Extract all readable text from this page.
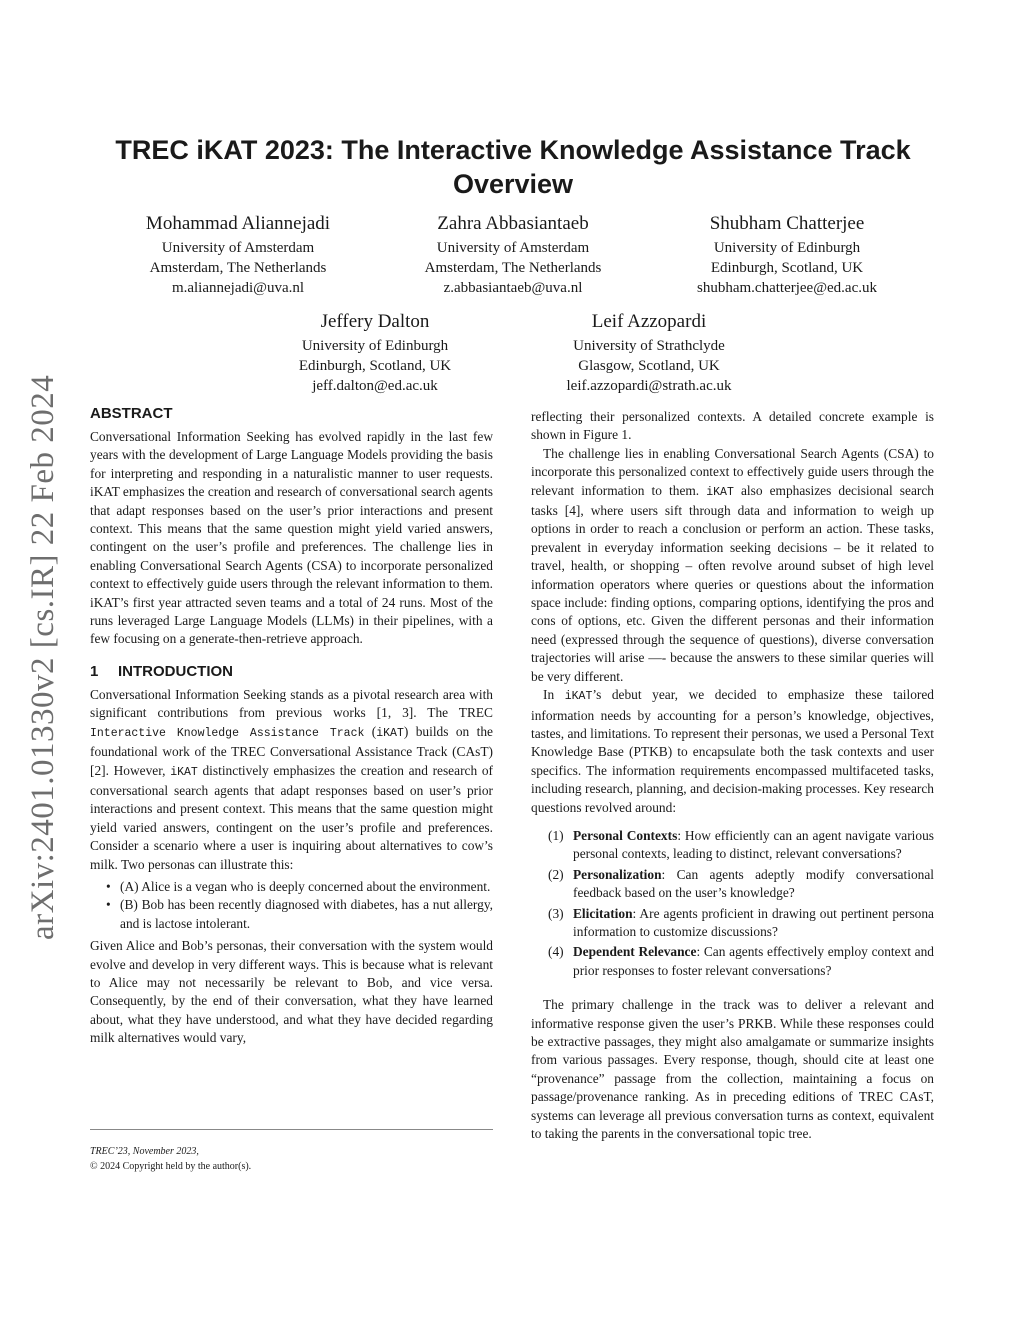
arXiv:2401.01330v2 [cs.IR] 22 Feb 2024
TREC iKAT 2023: The Interactive Knowledge Assistance Track Overview
Mohammad Aliannejadi
University of Amsterdam
Amsterdam, The Netherlands
m.aliannejadi@uva.nl
Zahra Abbasiantaeb
University of Amsterdam
Amsterdam, The Netherlands
z.abbasiantaeb@uva.nl
Shubham Chatterjee
University of Edinburgh
Edinburgh, Scotland, UK
shubham.chatterjee@ed.ac.uk
Jeffery Dalton
University of Edinburgh
Edinburgh, Scotland, UK
jeff.dalton@ed.ac.uk
Leif Azzopardi
University of Strathclyde
Glasgow, Scotland, UK
leif.azzopardi@strath.ac.uk
ABSTRACT

Conversational Information Seeking has evolved rapidly in the last few years with the development of Large Language Models providing the basis for interpreting and responding in a naturalistic manner to user requests. iKAT emphasizes the creation and research of conversational search agents that adapt responses based on the user’s prior interactions and present context. This means that the same question might yield varied answers, contingent on the user’s profile and preferences. The challenge lies in enabling Conversational Search Agents (CSA) to incorporate personalized context to effectively guide users through the relevant information to them. iKAT’s first year attracted seven teams and a total of 24 runs. Most of the runs leveraged Large Language Models (LLMs) in their pipelines, with a few focusing on a generate-then-retrieve approach.

1 INTRODUCTION

Conversational Information Seeking stands as a pivotal research area with significant contributions from previous works [1, 3]. The TREC Interactive Knowledge Assistance Track (iKAT) builds on the foundational work of the TREC Conversational Assistance Track (CAsT) [2]. However, iKAT distinctively emphasizes the creation and research of conversational search agents that adapt responses based on user’s prior interactions and present context. This means that the same question might yield varied answers, contingent on the user’s profile and preferences. Consider a scenario where a user is inquiring about alternatives to cow’s milk. Two personas can illustrate this:

• (A) Alice is a vegan who is deeply concerned about the environment.
• (B) Bob has been recently diagnosed with diabetes, has a nut allergy, and is lactose intolerant.

Given Alice and Bob’s personas, their conversation with the system would evolve and develop in very different ways. This is because what is relevant to Alice may not necessarily be relevant to Bob, and vice versa. Consequently, by the end of their conversation, what they have learned about, what they have understood, and what they have decided regarding milk alternatives would vary,

reflecting their personalized contexts. A detailed concrete example is shown in Figure 1.

The challenge lies in enabling Conversational Search Agents (CSA) to incorporate this personalized context to effectively guide users through the relevant information to them. iKAT also emphasizes decisional search tasks [4], where users sift through data and information to weigh up options in order to reach a conclusion or perform an action. These tasks, prevalent in everyday information seeking decisions – be it related to travel, health, or shopping – often revolve around subset of high level information operators where queries or questions about the information space include: finding options, comparing options, identifying the pros and cons of options, etc. Given the different personas and their information need (expressed through the sequence of questions), diverse conversation trajectories will arise —- because the answers to these similar queries will be very different.

In iKAT’s debut year, we decided to emphasize these tailored information needs by accounting for a person’s knowledge, objectives, tastes, and limitations. To represent their personas, we used a Personal Text Knowledge Base (PTKB) to encapsulate both the task contexts and user specifics. The information requirements encompassed multifaceted tasks, including research, planning, and decision-making processes. Key research questions revolved around:

(1) Personal Contexts: How efficiently can an agent navigate various personal contexts, leading to distinct, relevant conversations?
(2) Personalization: Can agents adeptly modify conversational feedback based on the user’s knowledge?
(3) Elicitation: Are agents proficient in drawing out pertinent persona information to customize discussions?
(4) Dependent Relevance: Can agents effectively employ context and prior responses to foster relevant conversations?

The primary challenge in the track was to deliver a relevant and informative response given the user’s PRKB. While these responses could be extractive passages, they might also amalgamate or summarize insights from various passages. Every response, though, should cite at least one “provenance” passage from the collection, maintaining a focus on passage/provenance ranking. As in preceding editions of TREC CAsT, systems can leverage all previous conversation turns as context, equivalent to taking the parents in the conversational topic tree.

TREC’23, November 2023,
© 2024 Copyright held by the author(s).
